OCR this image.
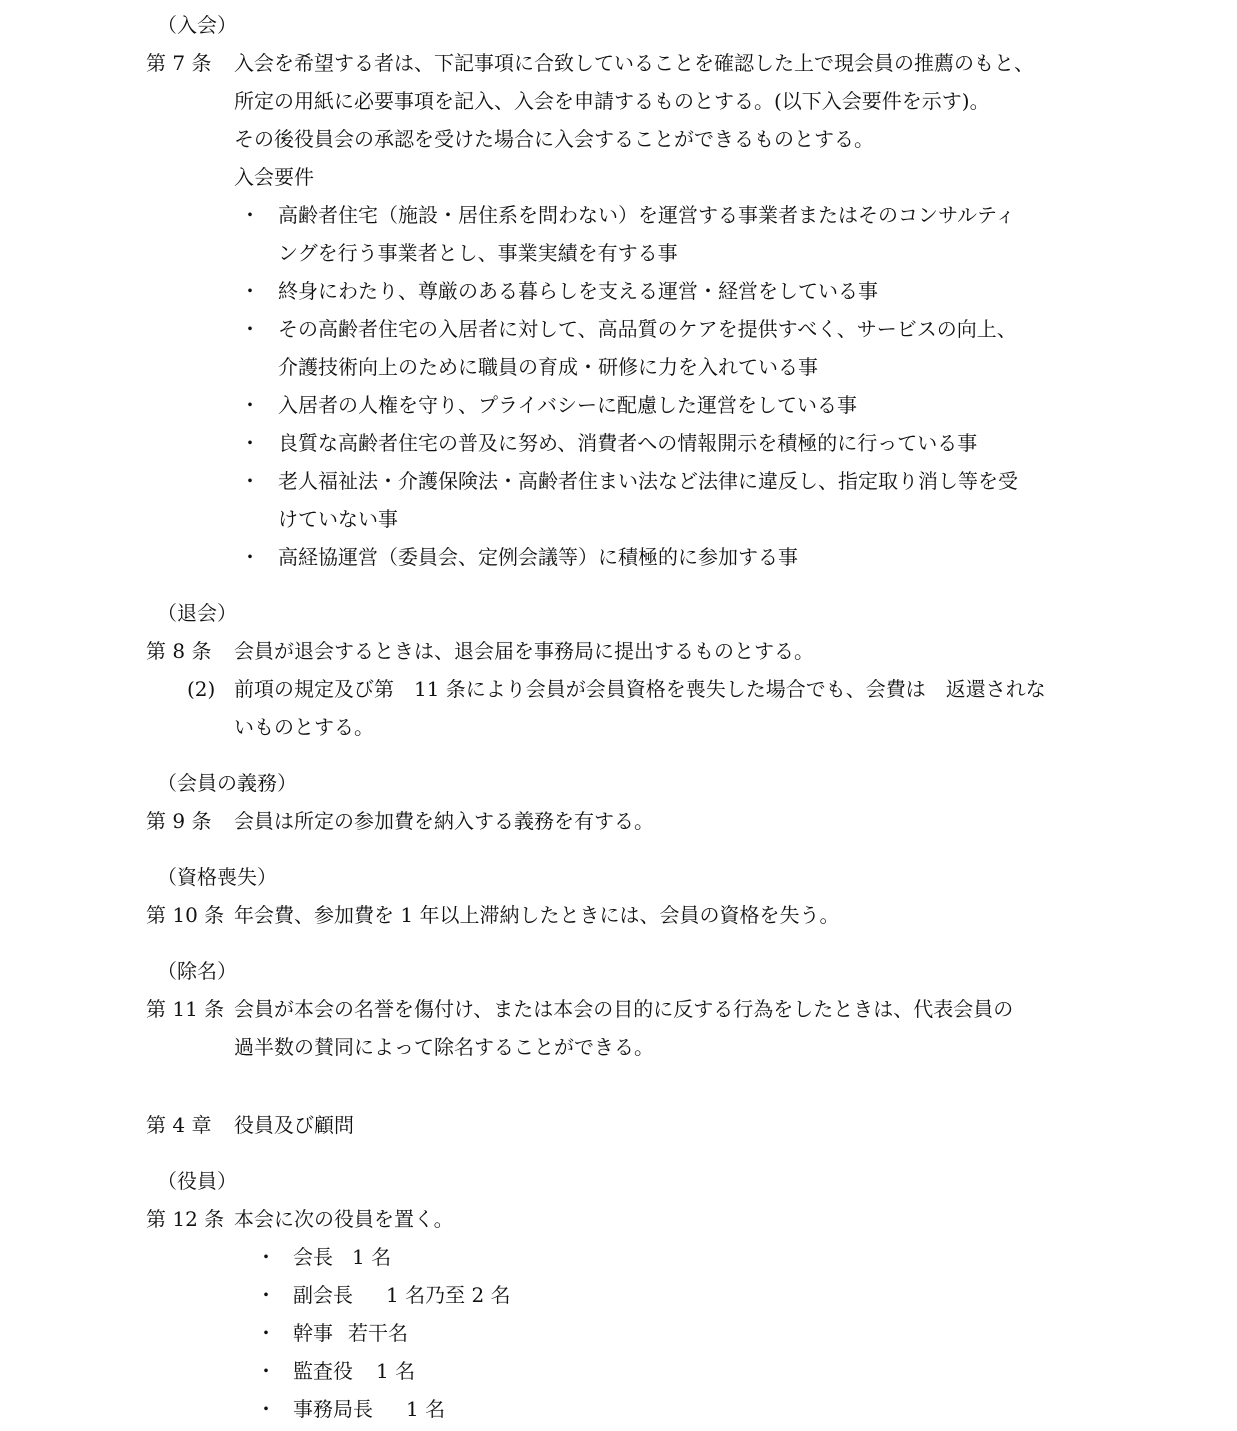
（入会）
第 7 条 入会を希望する者は、下記事項に合致していることを確認した上で現会員の推薦のもと、
所定の用紙に必要事項を記入、入会を申請するものとする。(以下入会要件を示す)。
その後役員会の承認を受けた場合に入会することができるものとする。
入会要件
・ 高齢者住宅（施設・居住系を問わない）を運営する事業者またはそのコンサルティ
ングを行う事業者とし、事業実績を有する事
・ 終身にわたり、尊厳のある暮らしを支える運営・経営をしている事
・ その高齢者住宅の入居者に対して、高品質のケアを提供すべく、サービスの向上、
介護技術向上のために職員の育成・研修に力を入れている事
・ 入居者の人権を守り、プライバシーに配慮した運営をしている事
・ 良質な高齢者住宅の普及に努め、消費者への情報開示を積極的に行っている事
・ 老人福祉法・介護保険法・高齢者住まい法など法律に違反し、指定取り消し等を受
けていない事
・ 高経協運営（委員会、定例会議等）に積極的に参加する事
（退会）
第 8 条 会員が退会するときは、退会届を事務局に提出するものとする。
(2) 前項の規定及び第　11 条により会員が会員資格を喪失した場合でも、会費は　返還されな
いものとする。
（会員の義務）
第 9 条 会員は所定の参加費を納入する義務を有する。
（資格喪失）
第 10 条 年会費、参加費を 1 年以上滞納したときには、会員の資格を失う。
（除名）
第 11 条 会員が本会の名誉を傷付け、または本会の目的に反する行為をしたときは、代表会員の
過半数の賛同によって除名することができる。
第 4 章 役員及び顧問
（役員）
第 12 条 本会に次の役員を置く。
・ 会長 1 名
・ 副会長 1 名乃至 2 名
・ 幹事 若干名
・ 監査役 1 名
・ 事務局長 1 名
